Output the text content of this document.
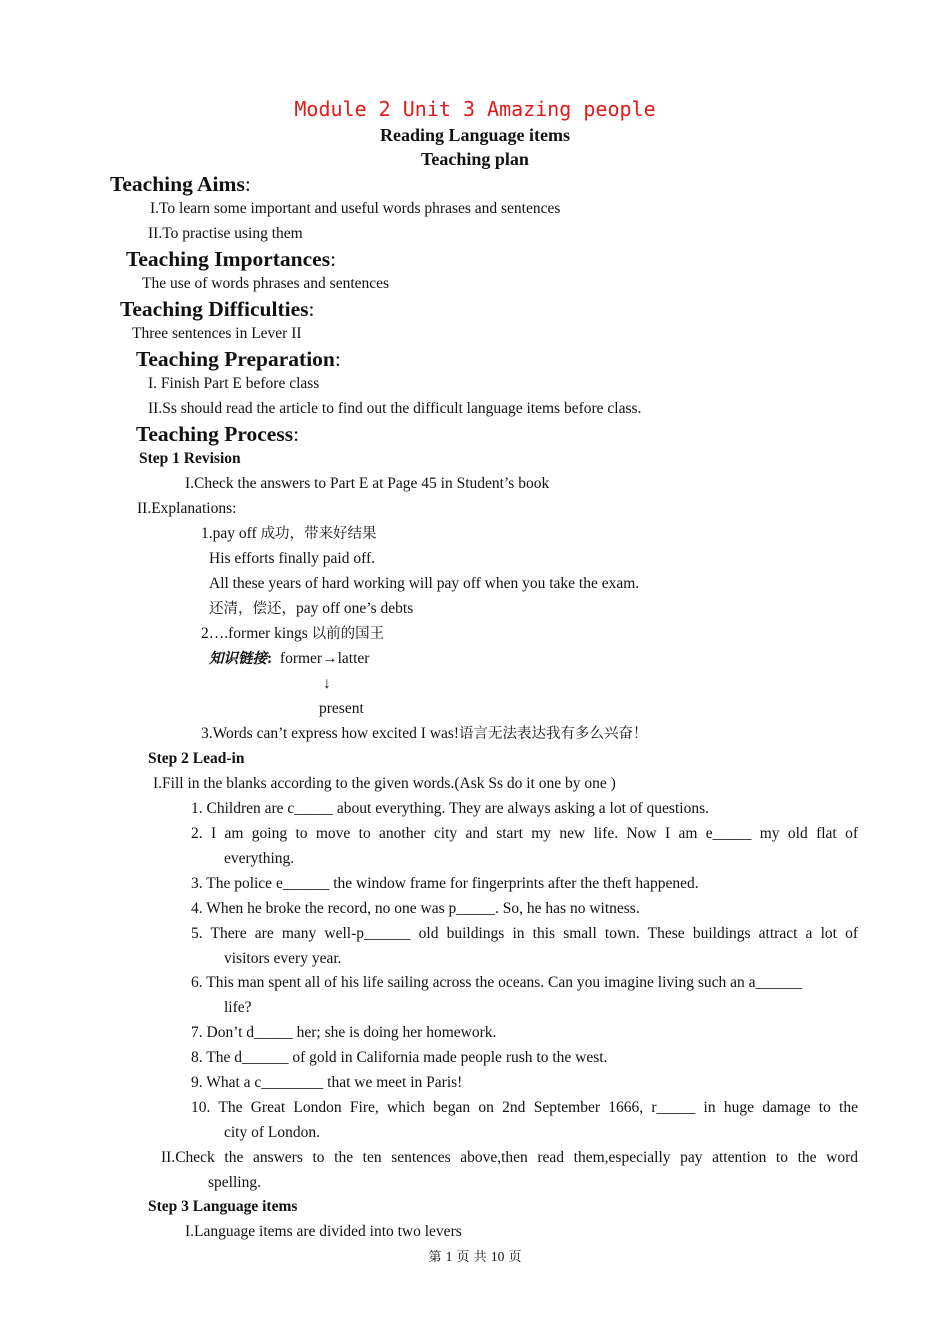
Module 2 Unit 3 Amazing people
Reading Language items
Teaching plan
Teaching Aims:
I.To learn some important and useful words phrases and sentences
II.To practise using them
Teaching Importances:
The use of words phrases and sentences
Teaching Difficulties:
Three sentences in Lever II
Teaching Preparation:
I. Finish Part E before class
II.Ss should read the article to find out the difficult language items before class.
Teaching Process:
Step 1 Revision
I.Check the answers to Part E at Page 45 in Student’s book
II.Explanations:
1.pay off 成功，带来好结果
His efforts finally paid off.
All these years of hard working will pay off when you take the exam.
还清，偿还，pay off one’s debts
2….former kings 以前的国王
知识链接: former→latter
↓
present
3.Words can’t express how excited I was!语言无法表达我有多么兴奋！
Step 2 Lead-in
I.Fill in the blanks according to the given words.(Ask Ss do it one by one )
1. Children are c_____ about everything. They are always asking a lot of questions.
2. I am going to move to another city and start my new life. Now I am e_____ my old flat of
everything.
3. The police e______ the window frame for fingerprints after the theft happened.
4. When he broke the record, no one was p_____. So, he has no witness.
5. There are many well-p______ old buildings in this small town. These buildings attract a lot of
visitors every year.
6. This man spent all of his life sailing across the oceans. Can you imagine living such an a______
life?
7. Don’t d_____ her; she is doing her homework.
8. The d______ of gold in California made people rush to the west.
9. What a c________ that we meet in Paris!
10. The Great London Fire, which began on 2nd September 1666, r_____ in huge damage to the
city of London.
II.Check the answers to the ten sentences above,then read them,especially pay attention to the word
spelling.
Step 3 Language items
I.Language items are divided into two levers
第 1 页 共 10 页
